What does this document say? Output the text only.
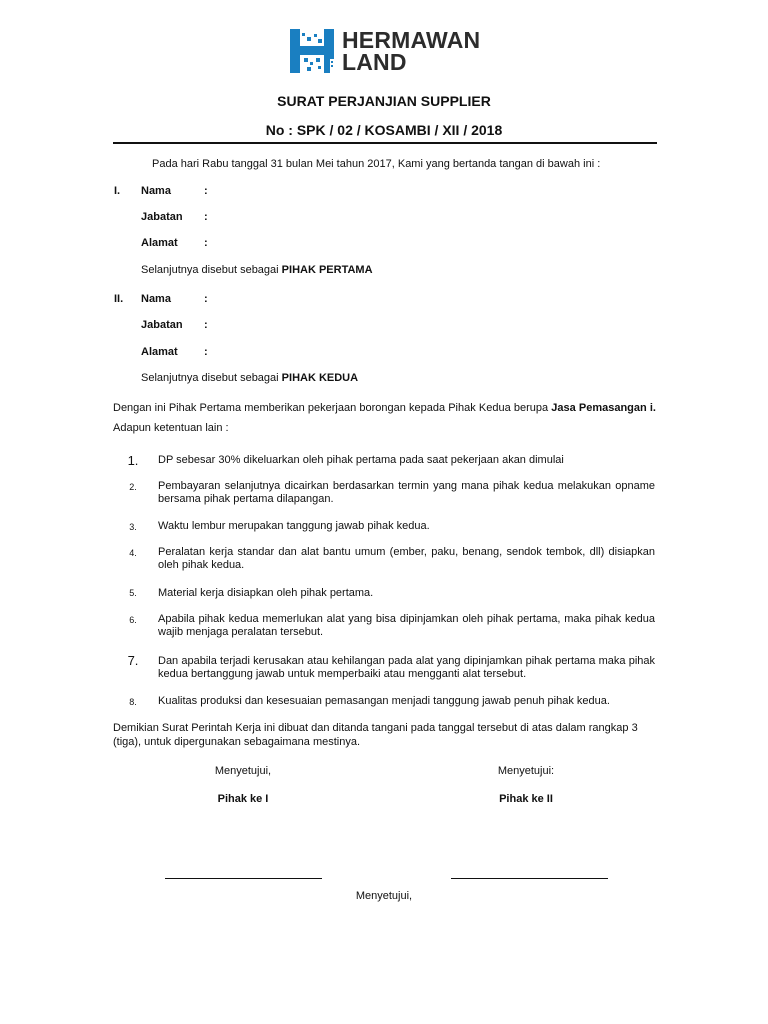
HERMAWAN
LAND
SURAT PERJANJIAN SUPPLIER
No : SPK / 02 / KOSAMBI / XII / 2018
Pada hari Rabu tanggal 31 bulan Mei tahun 2017, Kami yang bertanda tangan di bawah ini :
I. Nama	:
Jabatan :
Alamat :
Selanjutnya disebut sebagai PIHAK PERTAMA
II. Nama	:
Jabatan :
Alamat :
Selanjutnya disebut sebagai PIHAK KEDUA
Dengan ini Pihak Pertama memberikan pekerjaan borongan kepada Pihak Kedua berupa Jasa Pemasangan i. Adapun ketentuan lain :
1.	DP sebesar 30% dikeluarkan oleh pihak pertama pada saat pekerjaan akan dimulai
2.	Pembayaran selanjutnya dicairkan berdasarkan termin yang mana pihak kedua melakukan opname bersama pihak pertama dilapangan.
3.	Waktu lembur merupakan tanggung jawab pihak kedua.
4.	Peralatan kerja standar dan alat bantu umum (ember, paku, benang, sendok tembok, dll) disiapkan oleh pihak kedua.
5.	Material kerja disiapkan oleh pihak pertama.
6.	Apabila pihak kedua memerlukan alat yang bisa dipinjamkan oleh pihak pertama, maka pihak kedua wajib menjaga peralatan tersebut.
7.	Dan apabila terjadi kerusakan atau kehilangan pada alat yang dipinjamkan pihak pertama maka pihak kedua bertanggung jawab untuk memperbaiki atau mengganti alat tersebut.
8.	Kualitas produksi dan kesesuaian pemasangan menjadi tanggung jawab penuh pihak kedua.
Demikian Surat Perintah Kerja ini dibuat dan ditanda tangani pada tanggal tersebut di atas dalam rangkap 3 (tiga), untuk dipergunakan sebagaimana mestinya.
Menyetujui,
Pihak ke I
Menyetujui:
Pihak ke II
Menyetujui,
